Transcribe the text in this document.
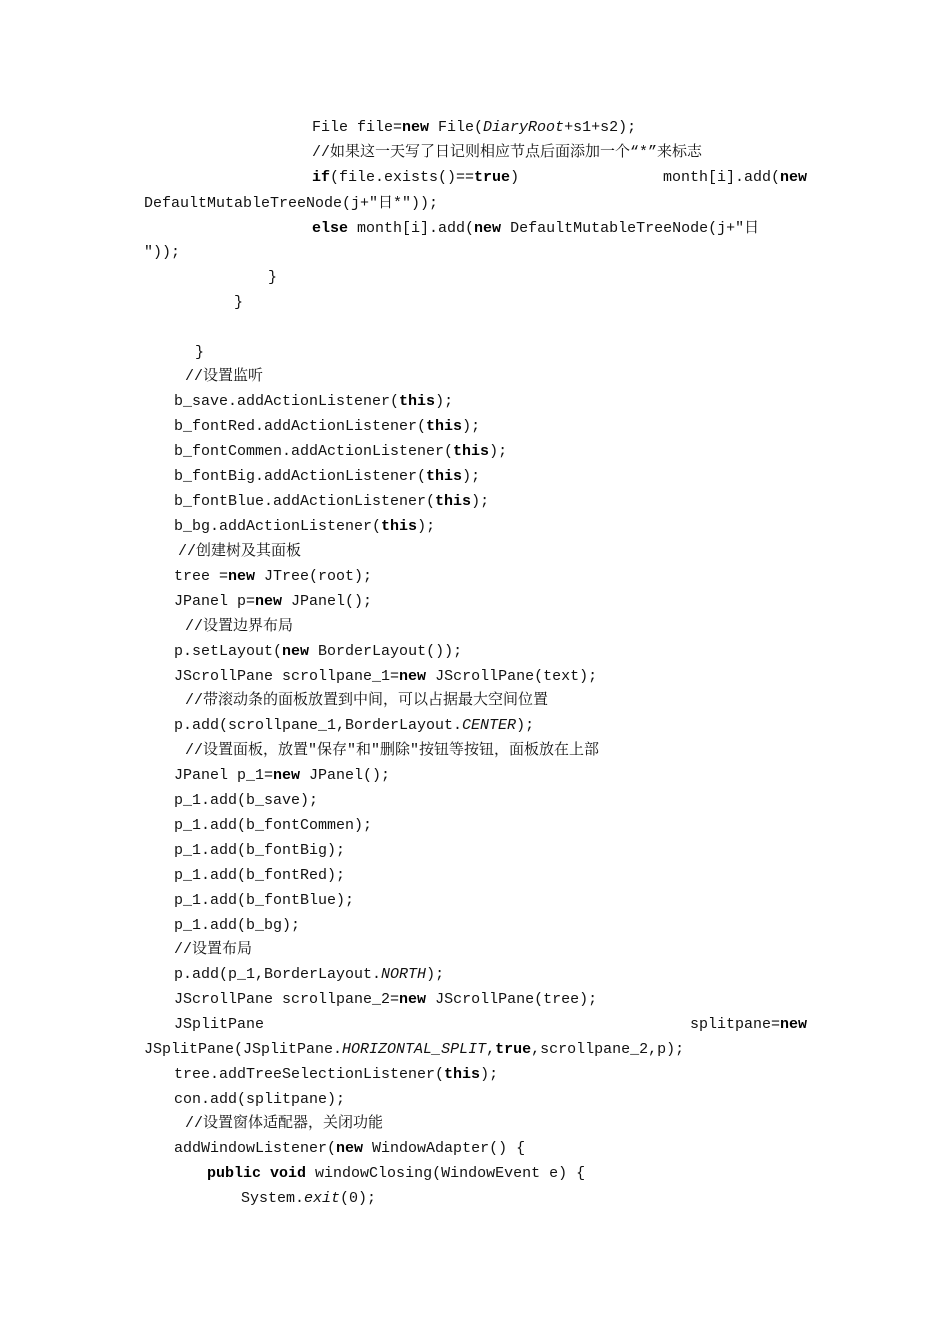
File file=new File(DiaryRoot+s1+s2);
//如果这一天写了日记则相应节点后面添加一个“*”来标志
if(file.exists()==true)	month[i].add(new
DefaultMutableTreeNode(j+"日*"));
else month[i].add(new DefaultMutableTreeNode(j+"日
"));
}
}
}
//设置监听
b_save.addActionListener(this);
b_fontRed.addActionListener(this);
b_fontCommen.addActionListener(this);
b_fontBig.addActionListener(this);
b_fontBlue.addActionListener(this);
b_bg.addActionListener(this);
//创建树及其面板
tree =new JTree(root);
JPanel p=new JPanel();
//设置边界布局
p.setLayout(new BorderLayout());
JScrollPane scrollpane_1=new JScrollPane(text);
//带滚动条的面板放置到中间，可以占据最大空间位置
p.add(scrollpane_1,BorderLayout.CENTER);
//设置面板，放置"保存"和"删除"按钮等按钮，面板放在上部
JPanel p_1=new JPanel();
p_1.add(b_save);
p_1.add(b_fontCommen);
p_1.add(b_fontBig);
p_1.add(b_fontRed);
p_1.add(b_fontBlue);
p_1.add(b_bg);
//设置布局
p.add(p_1,BorderLayout.NORTH);
JScrollPane scrollpane_2=new JScrollPane(tree);
JSplitPane	splitpane=new
JSplitPane(JSplitPane.HORIZONTAL_SPLIT,true,scrollpane_2,p);
tree.addTreeSelectionListener(this);
con.add(splitpane);
//设置窗体适配器，关闭功能
addWindowListener(new WindowAdapter() {
public void windowClosing(WindowEvent e) {
System.exit(0);
